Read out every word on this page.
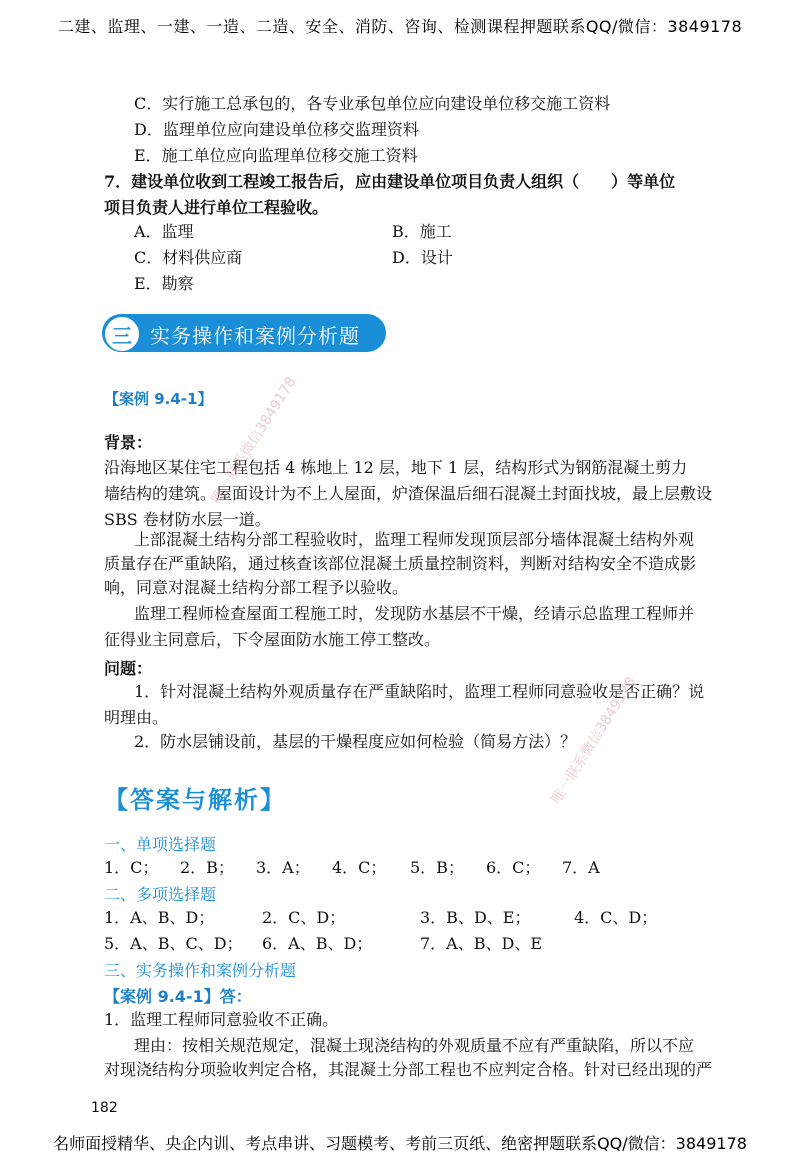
二建、监理、一建、一造、二造、安全、消防、咨询、检测课程押题联系QQ/微信：3849178
C．实行施工总承包的，各专业承包单位应向建设单位移交施工资料
D．监理单位应向建设单位移交监理资料
E．施工单位应向监理单位移交施工资料
7．建设单位收到工程竣工报告后，应由建设单位项目负责人组织（　　）等单位
项目负责人进行单位工程验收。
A．监理	B．施工
C．材料供应商	D．设计
E．勘察
三 实务操作和案例分析题
【案例 9.4-1】
背景：
沿海地区某住宅工程包括 4 栋地上 12 层，地下 1 层，结构形式为钢筋混凝土剪力
墙结构的建筑。屋面设计为不上人屋面，炉渣保温后细石混凝土封面找坡，最上层敷设
SBS 卷材防水层一道。
上部混凝土结构分部工程验收时，监理工程师发现顶层部分墙体混凝土结构外观
质量存在严重缺陷，通过核查该部位混凝土质量控制资料，判断对结构安全不造成影
响，同意对混凝土结构分部工程予以验收。
监理工程师检查屋面工程施工时，发现防水基层不干燥，经请示总监理工程师并
征得业主同意后，下令屋面防水施工停工整改。
问题：
1．针对混凝土结构外观质量存在严重缺陷时，监理工程师同意验收是否正确？说
明理由。
2．防水层铺设前，基层的干燥程度应如何检验（简易方法）？
【答案与解析】
一、单项选择题
1．C； 2．B； 3．A； 4．C； 5．B； 6．C； 7．A
二、多项选择题
1．A、B、D；	2．C、D；	3．B、D、E；	4．C、D；
5．A、B、C、D； 6．A、B、D；	7．A、B、D、E
三、实务操作和案例分析题
【案例 9.4-1】答：
1．监理工程师同意验收不正确。
理由：按相关规范规定，混凝土现浇结构的外观质量不应有严重缺陷，所以不应
对现浇结构分项验收判定合格，其混凝土分部工程也不应判定合格。针对已经出现的严
182
名师面授精华、央企内训、考点串讲、习题模考、考前三页纸、绝密押题联系QQ/微信：3849178
唯一联系微信3849178
唯一联系微信3849178
